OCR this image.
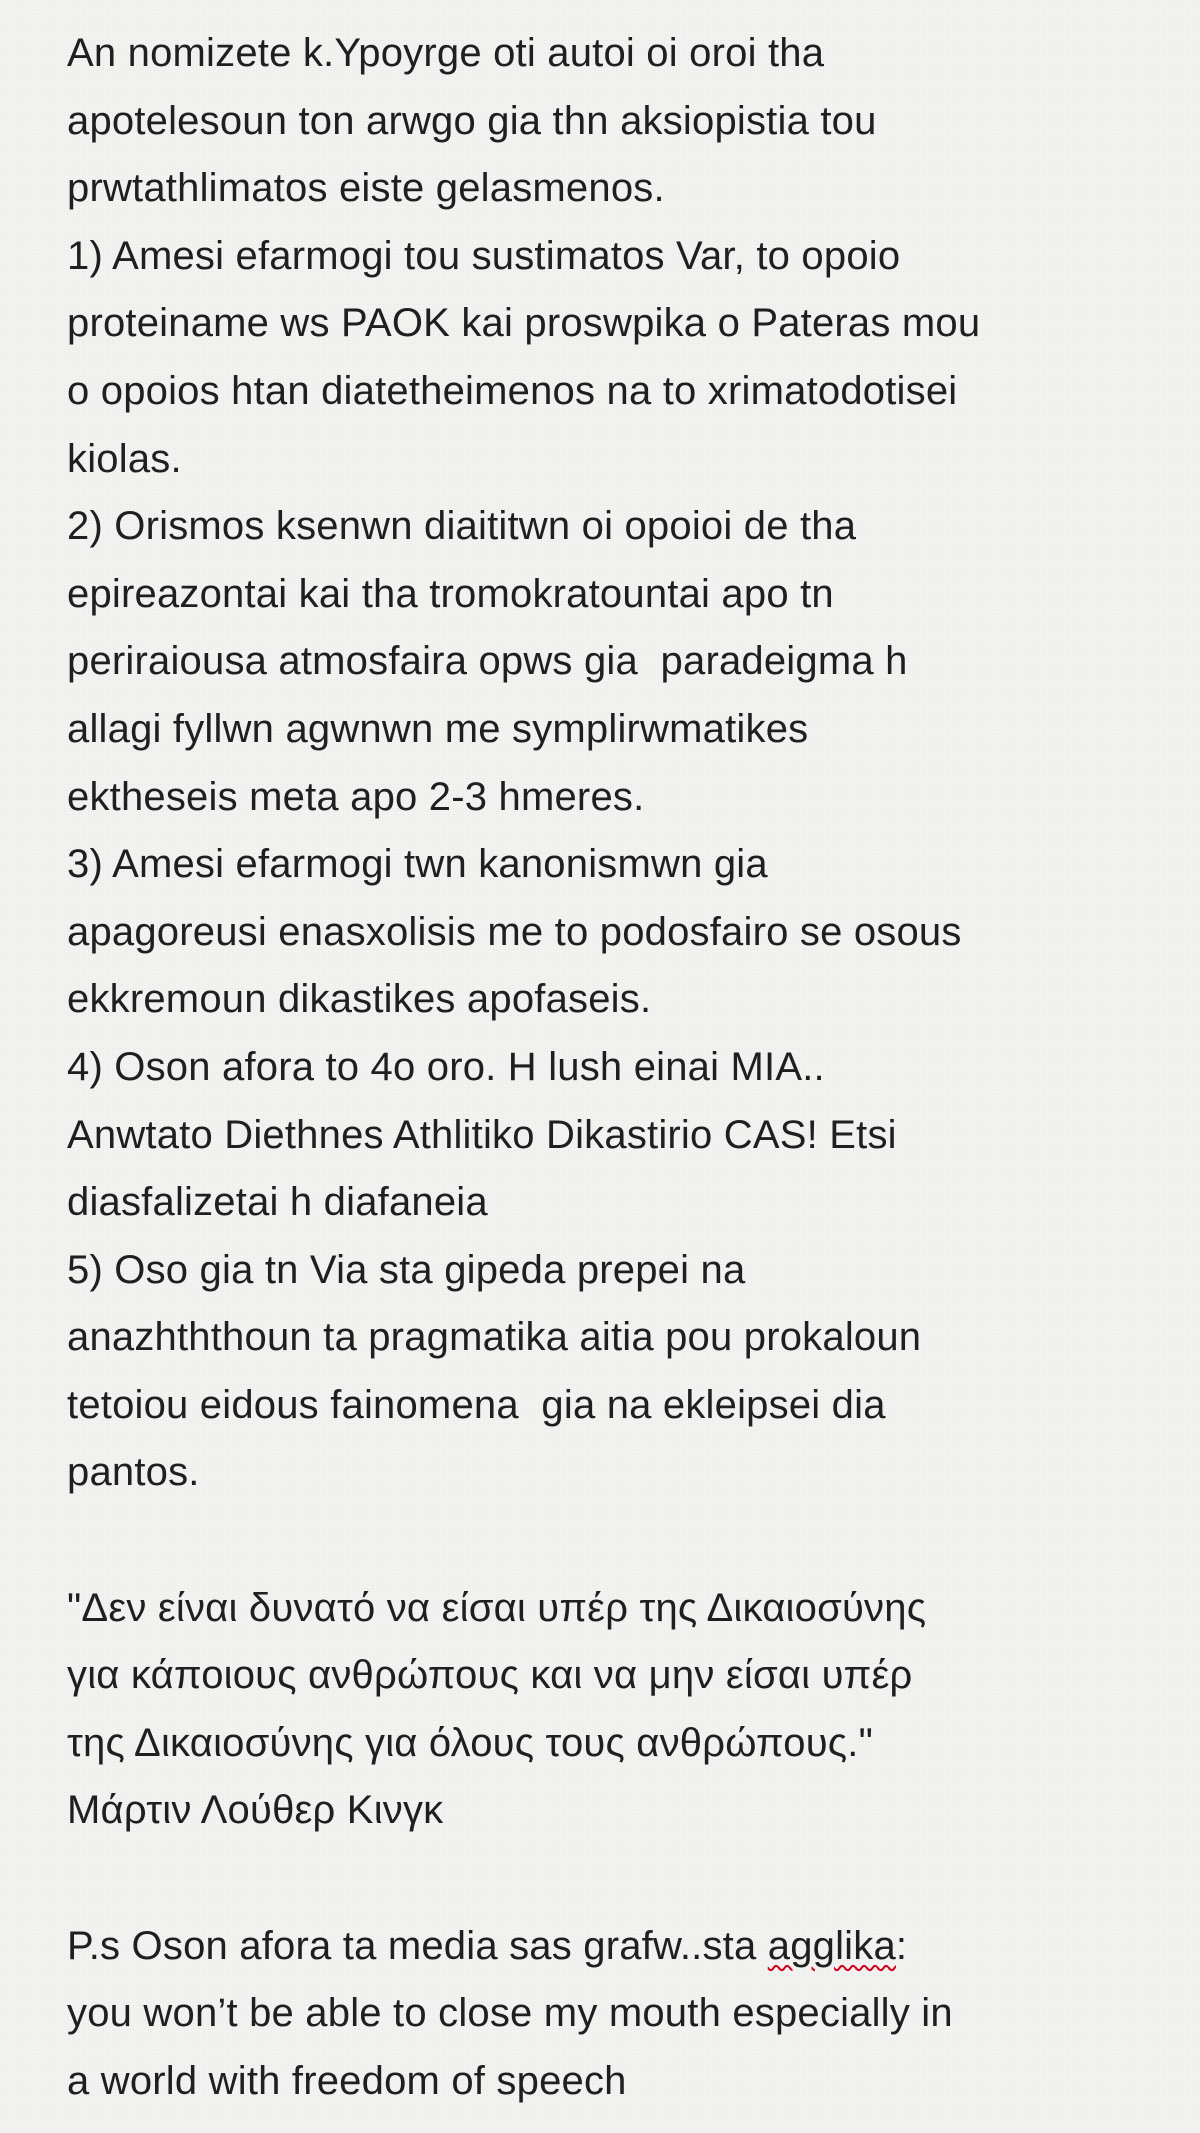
An nomizete k.Ypoyrge oti autoi oi oroi tha
apotelesoun ton arwgo gia thn aksiopistia tou
prwtathlimatos eiste gelasmenos.
1) Amesi efarmogi tou sustimatos Var, to opoio
proteiname ws PAOK kai proswpika o Pateras mou
o opoios htan diatetheimenos na to xrimatodotisei
kiolas.
2) Orismos ksenwn diaititwn oi opoioi de tha
epireazontai kai tha tromokratountai apo tn
periraiousa atmosfaira opws gia  paradeigma h
allagi fyllwn agwnwn me symplirwmatikes
ektheseis meta apo 2-3 hmeres.
3) Amesi efarmogi twn kanonismwn gia
apagoreusi enasxolisis me to podosfairo se osous
ekkremoun dikastikes apofaseis.
4) Oson afora to 4o oro. H lush einai MIA..
Anwtato Diethnes Athlitiko Dikastirio CAS! Etsi
diasfalizetai h diafaneia
5) Oso gia tn Via sta gipeda prepei na
anazhththoun ta pragmatika aitia pou prokaloun
tetoiou eidous fainomena  gia na ekleipsei dia
pantos.
"Δεν είναι δυνατό να είσαι υπέρ της Δικαιοσύνης
για κάποιους ανθρώπους και να μην είσαι υπέρ
της Δικαιοσύνης για όλους τους ανθρώπους."
Μάρτιν Λούθερ Κινγκ
P.s Oson afora ta media sas grafw..sta agglika:
you won’t be able to close my mouth especially in
a world with freedom of speech
